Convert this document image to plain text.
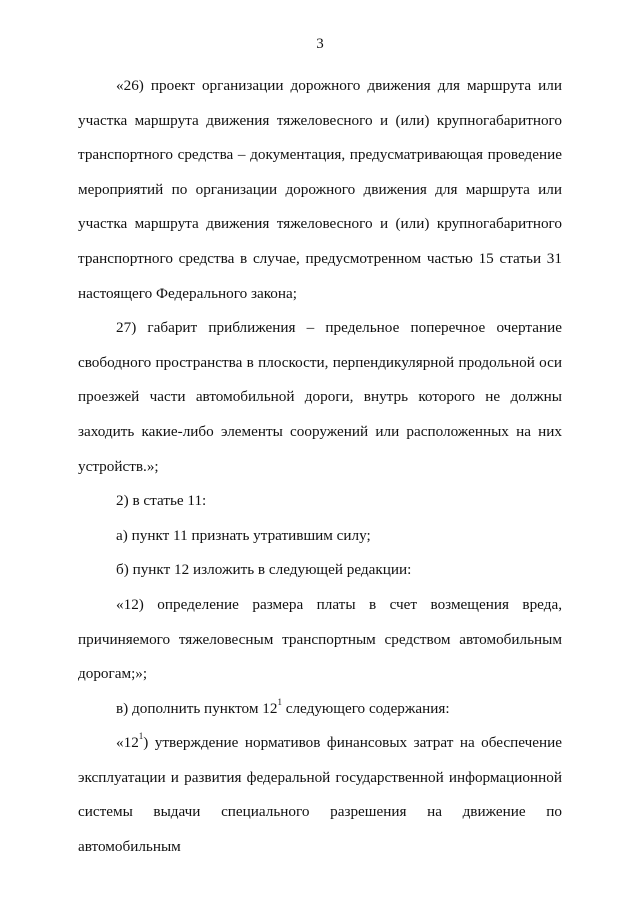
3

«26) проект организации дорожного движения для маршрута или участка маршрута движения тяжеловесного и (или) крупногабаритного транспортного средства – документация, предусматривающая проведение мероприятий по организации дорожного движения для маршрута или участка маршрута движения тяжеловесного и (или) крупногабаритного транспортного средства в случае, предусмотренном частью 15 статьи 31 настоящего Федерального закона;

27) габарит приближения – предельное поперечное очертание свободного пространства в плоскости, перпендикулярной продольной оси проезжей части автомобильной дороги, внутрь которого не должны заходить какие-либо элементы сооружений или расположенных на них устройств.»;

2) в статье 11:

а) пункт 11 признать утратившим силу;

б) пункт 12 изложить в следующей редакции:

«12) определение размера платы в счет возмещения вреда, причиняемого тяжеловесным транспортным средством автомобильным дорогам;»;

в) дополнить пунктом $12^1$ следующего содержания:

«$12^1$) утверждение нормативов финансовых затрат на обеспечение эксплуатации и развития федеральной государственной информационной системы выдачи специального разрешения на движение по автомобильным
